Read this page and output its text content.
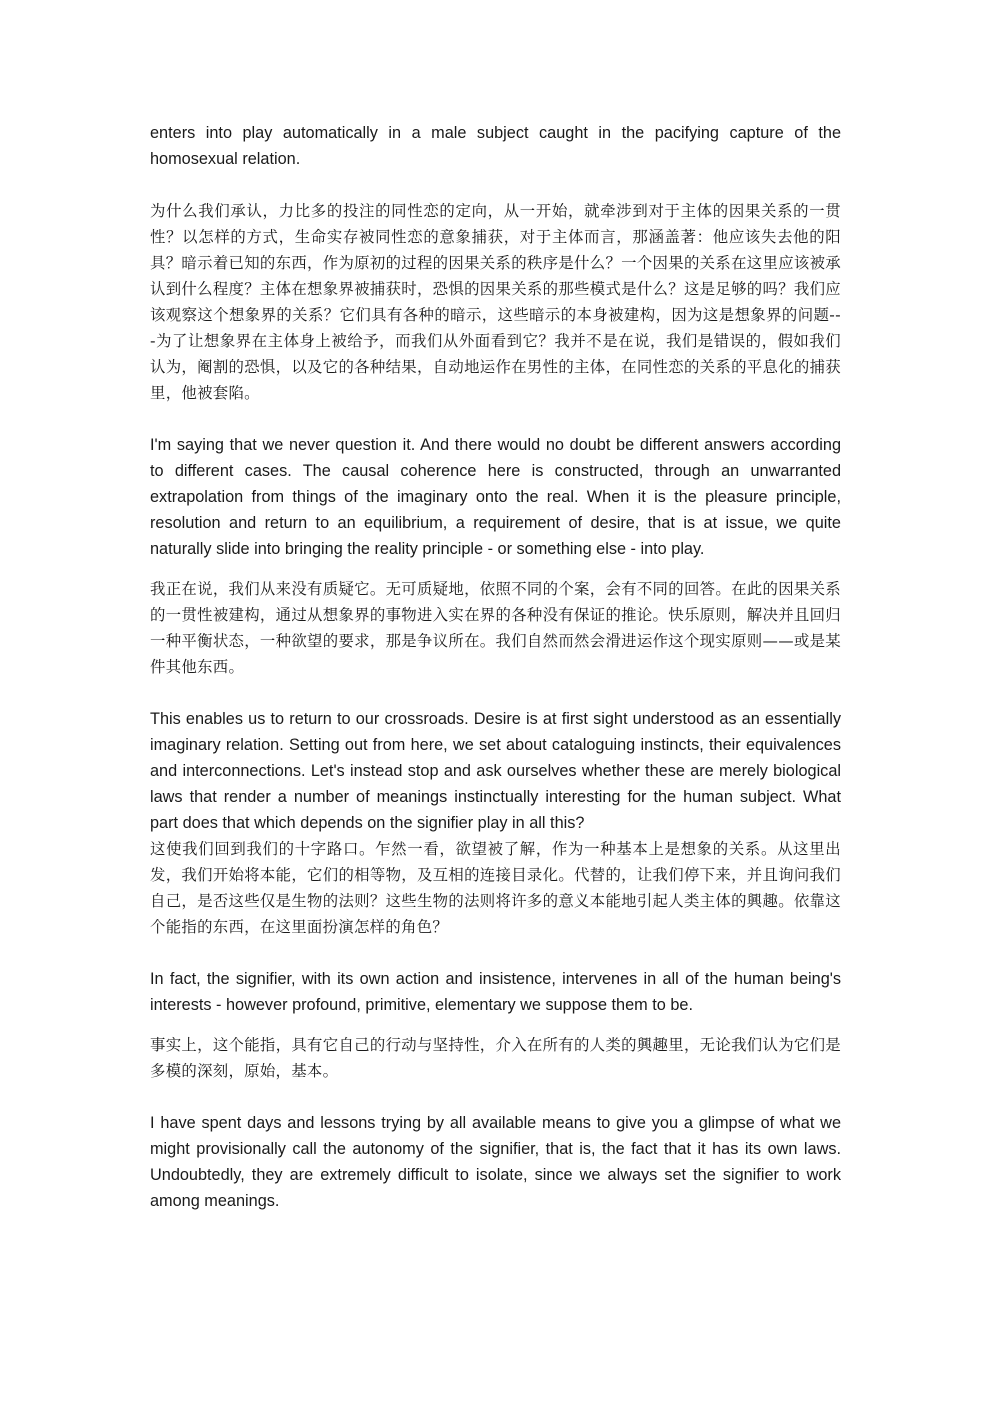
enters into play automatically in a male subject caught in the pacifying capture of the homosexual relation.

为什么我们承认，力比多的投注的同性恋的定向，从一开始，就牵涉到对于主体的因果关系的一贯性？以怎样的方式，生命实存被同性恋的意象捕获，对于主体而言，那涵盖著：他应该失去他的阳具？暗示着已知的东西，作为原初的过程的因果关系的秩序是什么？一个因果的关系在这里应该被承认到什么程度？主体在想象界被捕获时，恐惧的因果关系的那些模式是什么？这是足够的吗？我们应该观察这个想象界的关系？它们具有各种的暗示，这些暗示的本身被建构，因为这是想象界的问题---为了让想象界在主体身上被给予，而我们从外面看到它？我并不是在说，我们是错误的，假如我们认为，阉割的恐惧，以及它的各种结果，自动地运作在男性的主体，在同性恋的关系的平息化的捕获里，他被套陷。

I'm saying that we never question it. And there would no doubt be different answers according to different cases. The causal coherence here is constructed, through an unwarranted extrapolation from things of the imaginary onto the real. When it is the pleasure principle, resolution and return to an equilibrium, a requirement of desire, that is at issue, we quite naturally slide into bringing the reality principle - or something else - into play.

我正在说，我们从来没有质疑它。无可质疑地，依照不同的个案，会有不同的回答。在此的因果关系的一贯性被建构，通过从想象界的事物进入实在界的各种没有保证的推论。快乐原则，解决并且回归一种平衡状态，一种欲望的要求，那是争议所在。我们自然而然会滑进运作这个现实原则——或是某件其他东西。

This enables us to return to our crossroads. Desire is at first sight understood as an essentially imaginary relation. Setting out from here, we set about cataloguing instincts, their equivalences and interconnections. Let's instead stop and ask ourselves whether these are merely biological laws that render a number of meanings instinctually interesting for the human subject. What part does that which depends on the signifier play in all this?

这使我们回到我们的十字路口。乍然一看，欲望被了解，作为一种基本上是想象的关系。从这里出发，我们开始将本能，它们的相等物，及互相的连接目录化。代替的，让我们停下来，并且询问我们自己，是否这些仅是生物的法则？这些生物的法则将许多的意义本能地引起人类主体的興趣。依靠这个能指的东西，在这里面扮演怎样的角色？

In fact, the signifier, with its own action and insistence, intervenes in all of the human being's interests - however profound, primitive, elementary we suppose them to be.

事实上，这个能指，具有它自己的行动与坚持性，介入在所有的人类的興趣里，无论我们认为它们是多模的深刻，原始，基本。

I have spent days and lessons trying by all available means to give you a glimpse of what we might provisionally call the autonomy of the signifier, that is, the fact that it has its own laws. Undoubtedly, they are extremely difficult to isolate, since we always set the signifier to work among meanings.
